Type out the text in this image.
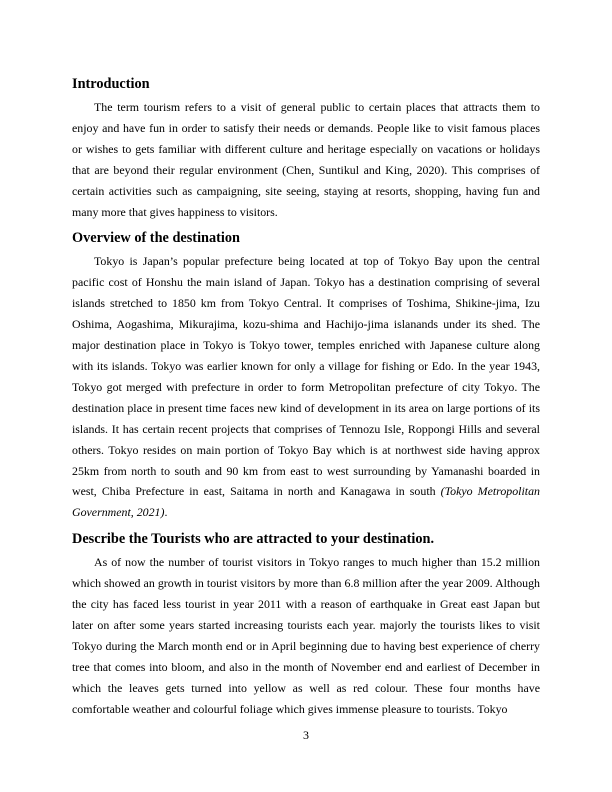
Introduction

The term tourism refers to a visit of general public to certain places that attracts them to enjoy and have fun in order to satisfy their needs or demands. People like to visit famous places or wishes to gets familiar with different culture and heritage especially on vacations or holidays that are beyond their regular environment (Chen, Suntikul and King, 2020). This comprises of certain activities such as campaigning, site seeing, staying at resorts, shopping, having fun and many more that gives happiness to visitors.

Overview of the destination

Tokyo is Japan’s popular prefecture being located at top of Tokyo Bay upon the central pacific cost of Honshu the main island of Japan. Tokyo has a destination comprising of several islands stretched to 1850 km from Tokyo Central. It comprises of Toshima, Shikine-jima, Izu Oshima, Aogashima, Mikurajima, kozu-shima and Hachijo-jima islanands under its shed. The major destination place in Tokyo is Tokyo tower, temples enriched with Japanese culture along with its islands. Tokyo was earlier known for only a village for fishing or Edo. In the year 1943, Tokyo got merged with prefecture in order to form Metropolitan prefecture of city Tokyo. The destination place in present time faces new kind of development in its area on large portions of its islands. It has certain recent projects that comprises of Tennozu Isle, Roppongi Hills and several others. Tokyo resides on main portion of Tokyo Bay which is at northwest side having approx 25km from north to south and 90 km from east to west surrounding by Yamanashi boarded in west, Chiba Prefecture in east, Saitama in north and Kanagawa in south (Tokyo Metropolitan Government, 2021).

Describe the Tourists who are attracted to your destination.

As of now the number of tourist visitors in Tokyo ranges to much higher than 15.2 million which showed an growth in tourist visitors by more than 6.8 million after the year 2009. Although the city has faced less tourist in year 2011 with a reason of earthquake in Great east Japan but later on after some years started increasing tourists each year. majorly the tourists likes to visit Tokyo during the March month end or in April beginning due to having best experience of cherry tree that comes into bloom, and also in the month of November end and earliest of December in which the leaves gets turned into yellow as well as red colour. These four months have comfortable weather and colourful foliage which gives immense pleasure to tourists. Tokyo

3
